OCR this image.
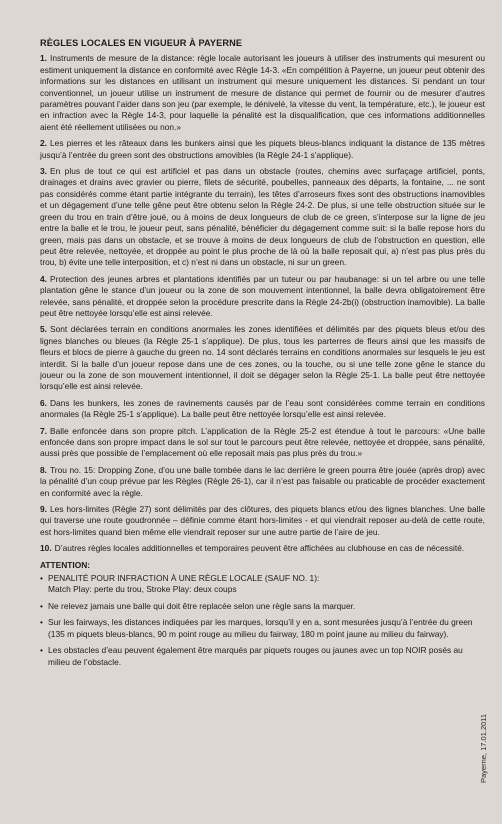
RÈGLES LOCALES EN VIGUEUR À PAYERNE

1. Instruments de mesure de la distance: règle locale autorisant les joueurs à utiliser des instruments qui mesurent ou estiment uniquement la distance en conformité avec Règle 14-3. «En compétition à Payerne, un joueur peut obtenir des informations sur les distances en utilisant un instrument qui mesure uniquement les distances. Si pendant un tour conventionnel, un joueur utilise un instrument de mesure de distance qui permet de fournir ou de mesurer d’autres paramètres pouvant l’aider dans son jeu (par exemple, le dénivelé, la vitesse du vent, la température, etc.), le joueur est en infraction avec la Règle 14-3, pour laquelle la pénalité est la disqualification, que ces informations additionnelles aient été réellement utilisées ou non.»

2. Les pierres et les râteaux dans les bunkers ainsi que les piquets bleus-blancs indiquant la distance de 135 mètres jusqu’à l’entrée du green sont des obstructions amovibles (la Règle 24-1 s’applique).

3. En plus de tout ce qui est artificiel et pas dans un obstacle (routes, chemins avec surfaçage artificiel, ponts, drainages et drains avec gravier ou pierre, filets de sécurité, poubelles, panneaux des départs, la fontaine, ... ne sont pas considérés comme étant partie intégrante du terrain), les têtes d’arroseurs fixes sont des obstructions inamovibles et un dégagement d’une telle gêne peut être obtenu selon la Règle 24-2. De plus, si une telle obstruction située sur le green du trou en train d’être joué, ou à moins de deux longueurs de club de ce green, s’interpose sur la ligne de jeu entre la balle et le trou, le joueur peut, sans pénalité, bénéficier du dégagement comme suit: si la balle repose hors du green, mais pas dans un obstacle, et se trouve à moins de deux longueurs de club de l’obstruction en question, elle peut être relevée, nettoyée, et droppée au point le plus proche de là où la balle reposait qui, a) n’est pas plus près du trou, b) évite une telle interposition, et c) n’est ni dans un obstacle, ni sur un green.

4. Protection des jeunes arbres et plantations identifiés par un tuteur ou par haubanage: si un tel arbre ou une telle plantation gêne le stance d’un joueur ou la zone de son mouvement intentionnel, la balle devra obligatoirement être relevée, sans pénalité, et droppée selon la procédure prescrite dans la Règle 24-2b(i) (obstruction inamovible). La balle peut être nettoyée lorsqu’elle est ainsi relevée.

5. Sont déclarées terrain en conditions anormales les zones identifiées et délimités par des piquets bleus et/ou des lignes blanches ou bleues (la Règle 25-1 s’applique). De plus, tous les parterres de fleurs ainsi que les massifs de fleurs et blocs de pierre à gauche du green no. 14 sont déclarés terrains en conditions anormales sur lesquels le jeu est interdit. Si la balle d’un joueur repose dans une de ces zones, ou la touche, ou si une telle zone gêne le stance du joueur ou la zone de son mouvement intentionnel, il doit se dégager selon la Règle 25-1. La balle peut être nettoyée lorsqu’elle est ainsi relevée.

6. Dans les bunkers, les zones de ravinements causés par de l’eau sont considérées comme terrain en conditions anormales (la Règle 25-1 s’applique). La balle peut être nettoyée lorsqu’elle est ainsi relevée.

7. Balle enfoncée dans son propre pitch. L’application de la Règle 25-2 est étendue à tout le parcours: «Une balle enfoncée dans son propre impact dans le sol sur tout le parcours peut être relevée, nettoyée et droppée, sans pénalité, aussi près que possible de l’emplacement où elle reposait mais pas plus près du trou.»

8. Trou no. 15: Dropping Zone, d’ou une balle tombée dans le lac derrière le green pourra être jouée (après drop) avec la pénalité d’un coup prévue par les Règles (Règle 26-1), car il n’est pas faisable ou praticable de procéder exactement en conformité avec la règle.

9. Les hors-limites (Règle 27) sont délimités par des clôtures, des piquets blancs et/ou des lignes blanches. Une balle qui traverse une route goudronnée – définie comme étant hors-limites - et qui viendrait reposer au-delà de cette route, est hors-limites quand bien même elle viendrait reposer sur une autre partie de l’aire de jeu.

10. D’autres règles locales additionnelles et temporaires peuvent être affichées au clubhouse en cas de nécessité.

ATTENTION:
• PENALITÉ POUR INFRACTION À UNE RÈGLE LOCALE (SAUF NO. 1):
Match Play: perte du trou, Stroke Play: deux coups
• Ne relevez jamais une balle qui doit être replacée selon une règle sans la marquer.
• Sur les fairways, les distances indiquées par les marques, lorsqu’il y en a, sont mesurées jusqu’à l’entrée du green (135 m piquets bleus-blancs, 90 m point rouge au milieu du fairway, 180 m point jaune au milieu du fairway).
• Les obstacles d’eau peuvent également être marqués par piquets rouges ou jaunes avec un top NOIR posés au milieu de l’obstacle.
Payerne, 17.01.2011
